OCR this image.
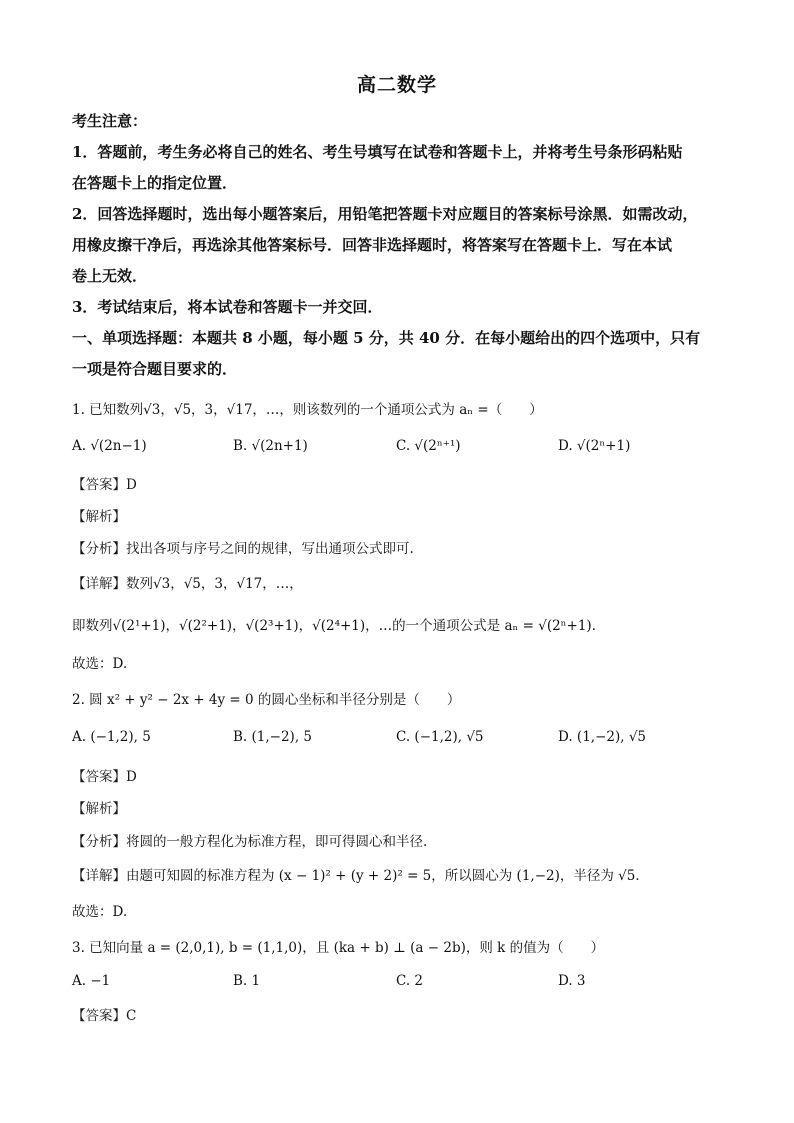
高二数学
考生注意：
1．答题前，考生务必将自己的姓名、考生号填写在试卷和答题卡上，并将考生号条形码粘贴
在答题卡上的指定位置．
2．回答选择题时，选出每小题答案后，用铅笔把答题卡对应题目的答案标号涂黑．如需改动，
用橡皮擦干净后，再选涂其他答案标号．回答非选择题时，将答案写在答题卡上．写在本试
卷上无效．
3．考试结束后，将本试卷和答题卡一并交回．
一、单项选择题：本题共 8 小题，每小题 5 分，共 40 分．在每小题给出的四个选项中，只有
一项是符合题目要求的．
1. 已知数列√3，√5，3，√17，…，则该数列的一个通项公式为 aₙ =（　　）
A. √(2n−1)	B. √(2n+1)	C. √(2ⁿ⁺¹)	D. √(2ⁿ+1)
【答案】D
【解析】
【分析】找出各项与序号之间的规律，写出通项公式即可.
【详解】数列√3，√5，3，√17，…，
即数列√(2¹+1)，√(2²+1)，√(2³+1)，√(2⁴+1)，…的一个通项公式是 aₙ = √(2ⁿ+1)．
故选：D.
2. 圆 x² + y² − 2x + 4y = 0 的圆心坐标和半径分别是（　　）
A. (−1,2), 5	B. (1,−2), 5	C. (−1,2), √5	D. (1,−2), √5
【答案】D
【解析】
【分析】将圆的一般方程化为标准方程，即可得圆心和半径.
【详解】由题可知圆的标准方程为 (x − 1)² + (y + 2)² = 5，所以圆心为 (1,−2)，半径为 √5．
故选：D.
3. 已知向量 a = (2,0,1), b = (1,1,0)，且 (ka + b) ⊥ (a − 2b)，则 k 的值为（　　）
A. −1	B. 1	C. 2	D. 3
【答案】C
